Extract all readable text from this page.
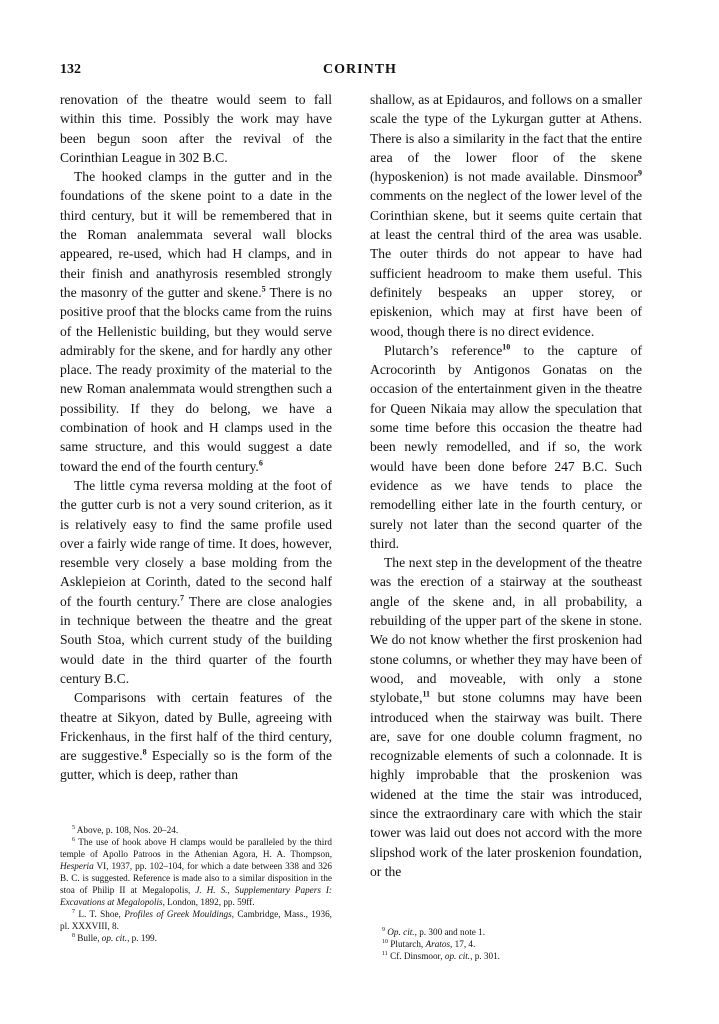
132	CORINTH

renovation of the theatre would seem to fall within this time. Possibly the work may have been begun soon after the revival of the Corinthian League in 302 B.C.

The hooked clamps in the gutter and in the foundations of the skene point to a date in the third century, but it will be remembered that in the Roman analemmata several wall blocks appeared, re-used, which had H clamps, and in their finish and anathyrosis resembled strongly the masonry of the gutter and skene.$^5$ There is no positive proof that the blocks came from the ruins of the Hellenistic building, but they would serve admirably for the skene, and for hardly any other place. The ready proximity of the material to the new Roman analemmata would strengthen such a possibility. If they do belong, we have a combination of hook and H clamps used in the same structure, and this would suggest a date toward the end of the fourth century.$^6$

The little cyma reversa molding at the foot of the gutter curb is not a very sound criterion, as it is relatively easy to find the same profile used over a fairly wide range of time. It does, however, resemble very closely a base molding from the Asklepieion at Corinth, dated to the second half of the fourth century.$^7$ There are close analogies in technique between the theatre and the great South Stoa, which current study of the building would date in the third quarter of the fourth century B.C.

Comparisons with certain features of the theatre at Sikyon, dated by Bulle, agreeing with Frickenhaus, in the first half of the third century, are suggestive.$^8$ Especially so is the form of the gutter, which is deep, rather than

shallow, as at Epidauros, and follows on a smaller scale the type of the Lykurgan gutter at Athens. There is also a similarity in the fact that the entire area of the lower floor of the skene (hyposkenion) is not made available. Dinsmoor$^9$ comments on the neglect of the lower level of the Corinthian skene, but it seems quite certain that at least the central third of the area was usable. The outer thirds do not appear to have had sufficient headroom to make them useful. This definitely bespeaks an upper storey, or episkenion, which may at first have been of wood, though there is no direct evidence.

Plutarch’s reference$^{10}$ to the capture of Acrocorinth by Antigonos Gonatas on the occasion of the entertainment given in the theatre for Queen Nikaia may allow the speculation that some time before this occasion the theatre had been newly remodelled, and if so, the work would have been done before 247 B.C. Such evidence as we have tends to place the remodelling either late in the fourth century, or surely not later than the second quarter of the third.

The next step in the development of the theatre was the erection of a stairway at the southeast angle of the skene and, in all probability, a rebuilding of the upper part of the skene in stone. We do not know whether the first proskenion had stone columns, or whether they may have been of wood, and moveable, with only a stone stylobate,$^{11}$ but stone columns may have been introduced when the stairway was built. There are, save for one double column fragment, no recognizable elements of such a colonnade. It is highly improbable that the proskenion was widened at the time the stair was introduced, since the extraordinary care with which the stair tower was laid out does not accord with the more slipshod work of the later proskenion foundation, or the

$^5$ Above, p. 108, Nos. 20–24.

$^6$ The use of hook above H clamps would be paralleled by the third temple of Apollo Patroos in the Athenian Agora, H. A. Thompson, Hesperia VI, 1937, pp. 102–104, for which a date between 338 and 326 B. C. is suggested. Reference is made also to a similar disposition in the stoa of Philip II at Megalopolis, J. H. S., Supplementary Papers I: Excavations at Megalopolis, London, 1892, pp. 59ff.

$^7$ L. T. Shoe, Profiles of Greek Mouldings, Cambridge, Mass., 1936, pl. XXXVIII, 8.

$^8$ Bulle, op. cit., p. 199.

$^9$ Op. cit., p. 300 and note 1.

$^{10}$ Plutarch, Aratos, 17, 4.

$^{11}$ Cf. Dinsmoor, op. cit., p. 301.
